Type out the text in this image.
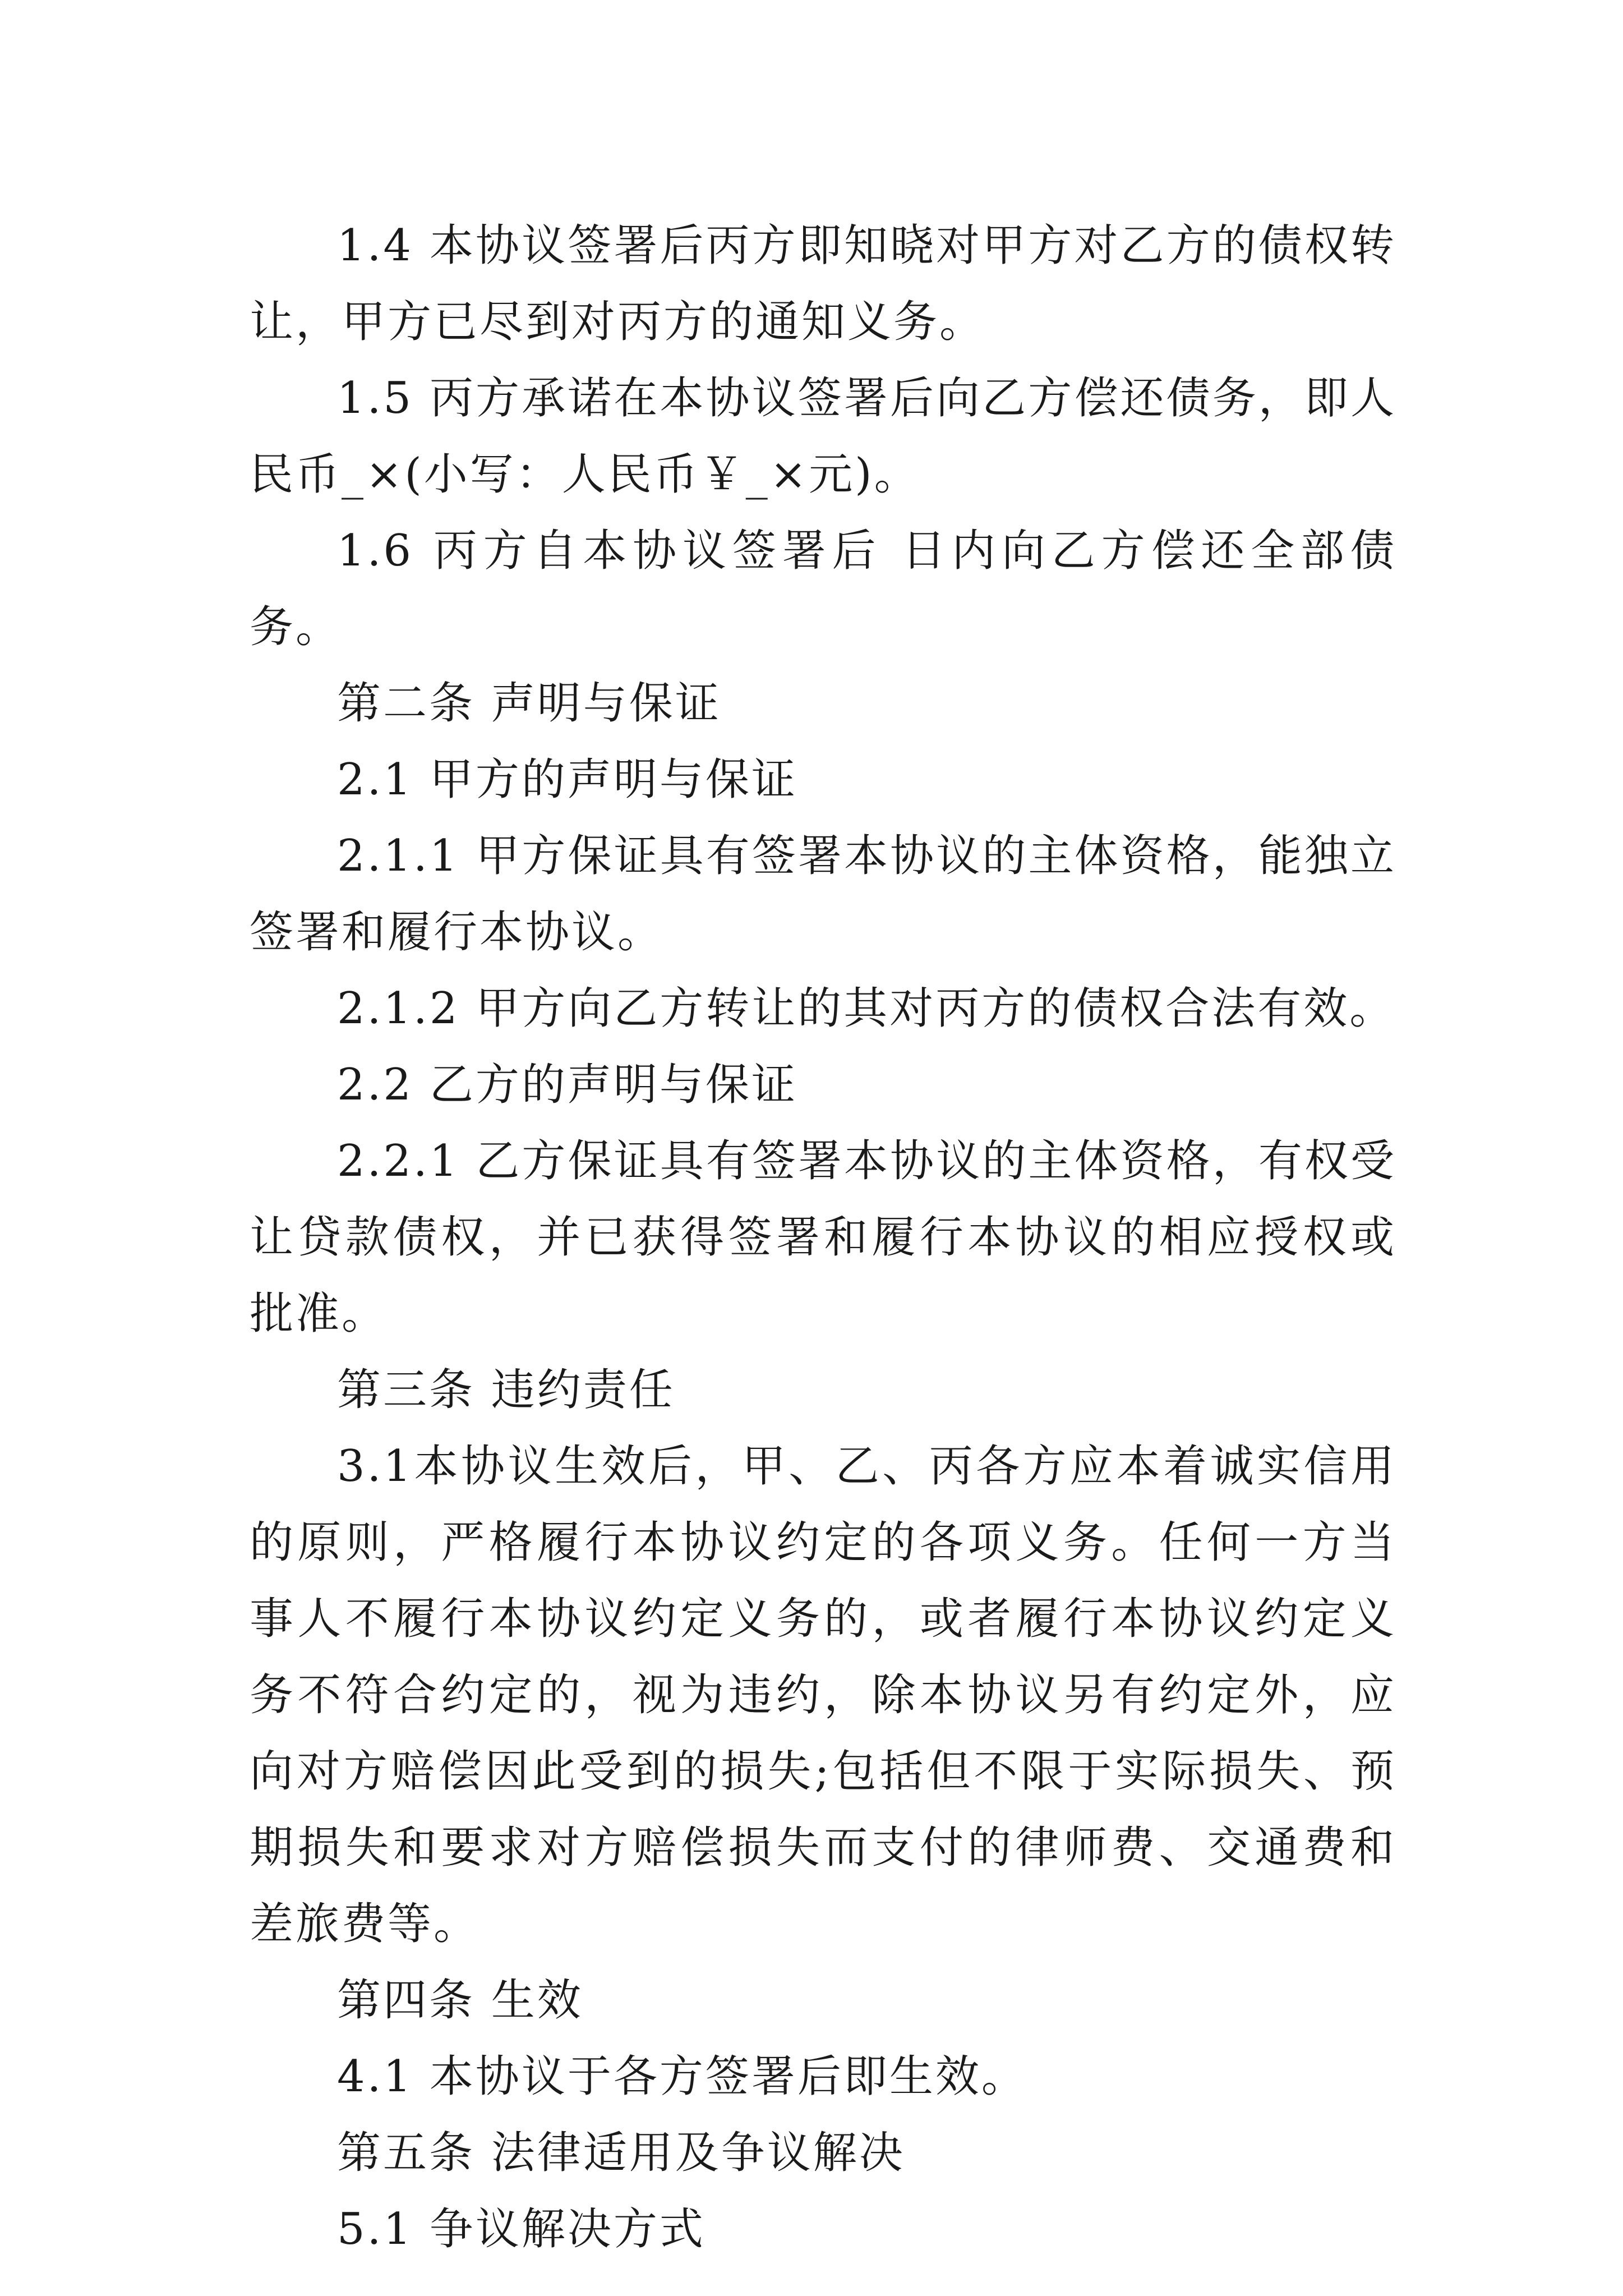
1.4 本协议签署后丙方即知晓对甲方对乙方的债权转让，甲方已尽到对丙方的通知义务。

1.5 丙方承诺在本协议签署后向乙方偿还债务，即人民币_×(小写：人民币￥_×元)。

1.6 丙方自本协议签署后 日内向乙方偿还全部债务。

第二条 声明与保证

2.1 甲方的声明与保证

2.1.1 甲方保证具有签署本协议的主体资格，能独立签署和履行本协议。

2.1.2 甲方向乙方转让的其对丙方的债权合法有效。

2.2 乙方的声明与保证

2.2.1 乙方保证具有签署本协议的主体资格，有权受让贷款债权，并已获得签署和履行本协议的相应授权或批准。

第三条 违约责任

3.1本协议生效后，甲、乙、丙各方应本着诚实信用的原则，严格履行本协议约定的各项义务。任何一方当事人不履行本协议约定义务的，或者履行本协议约定义务不符合约定的，视为违约，除本协议另有约定外，应向对方赔偿因此受到的损失;包括但不限于实际损失、预期损失和要求对方赔偿损失而支付的律师费、交通费和差旅费等。

第四条 生效

4.1 本协议于各方签署后即生效。

第五条 法律适用及争议解决

5.1 争议解决方式
